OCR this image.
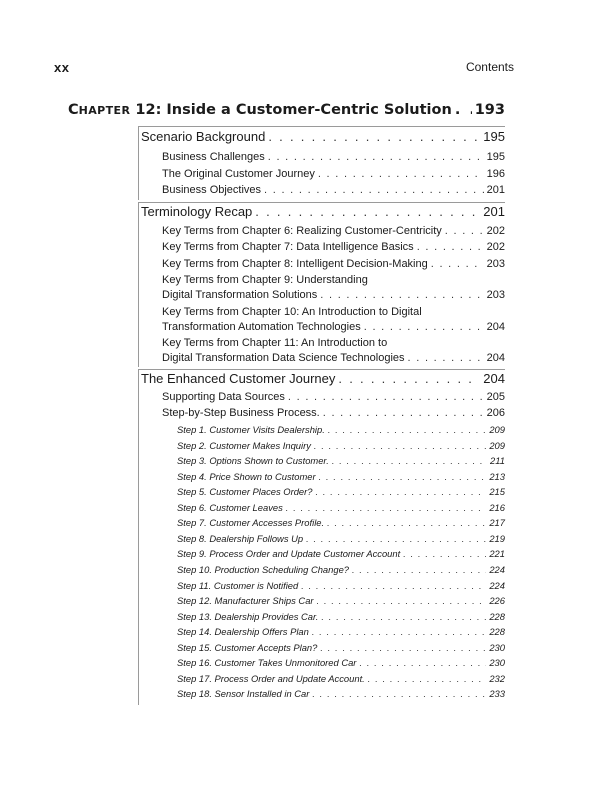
xx	Contents
C HAPTER
12: Inside a Customer-Centric Solution . . . 193
Scenario Background . . .	195
Business Challenges . . .	195
The Original Customer Journey . . .	196
Business Objectives . . .	201
Terminology Recap . . .	201
Key Terms from Chapter 6: Realizing Customer-Centricity . . .	202
Key Terms from Chapter 7: Data Intelligence Basics . . .	202
Key Terms from Chapter 8: Intelligent Decision-Making . . .	203
Key Terms from Chapter 9: Understanding
Digital Transformation Solutions . . .	203
Key Terms from Chapter 10: An Introduction to Digital
Transformation Automation Technologies . . .	204
Key Terms from Chapter 11: An Introduction to
Digital Transformation Data Science Technologies . . .	204
The Enhanced Customer Journey . . .	204
Supporting Data Sources . . .	205
Step-by-Step Business Process. . . .	206
Step 1. Customer Visits Dealership. . . .	209
Step 2. Customer Makes Inquiry . . .	209
Step 3. Options Shown to Customer. . . .	211
Step 4. Price Shown to Customer . . .	213
Step 5. Customer Places Order? . . .	215
Step 6. Customer Leaves . . .	216
Step 7. Customer Accesses Profile. . . .	217
Step 8. Dealership Follows Up . . .	219
Step 9. Process Order and Update Customer Account . . .	221
Step 10. Production Scheduling Change? . . .	224
Step 11. Customer is Notified . . .	224
Step 12. Manufacturer Ships Car . . .	226
Step 13. Dealership Provides Car. . . .	228
Step 14. Dealership Offers Plan . . .	228
Step 15. Customer Accepts Plan? . . .	230
Step 16. Customer Takes Unmonitored Car . . .	230
Step 17. Process Order and Update Account. . . .	232
Step 18. Sensor Installed in Car . . .	233
